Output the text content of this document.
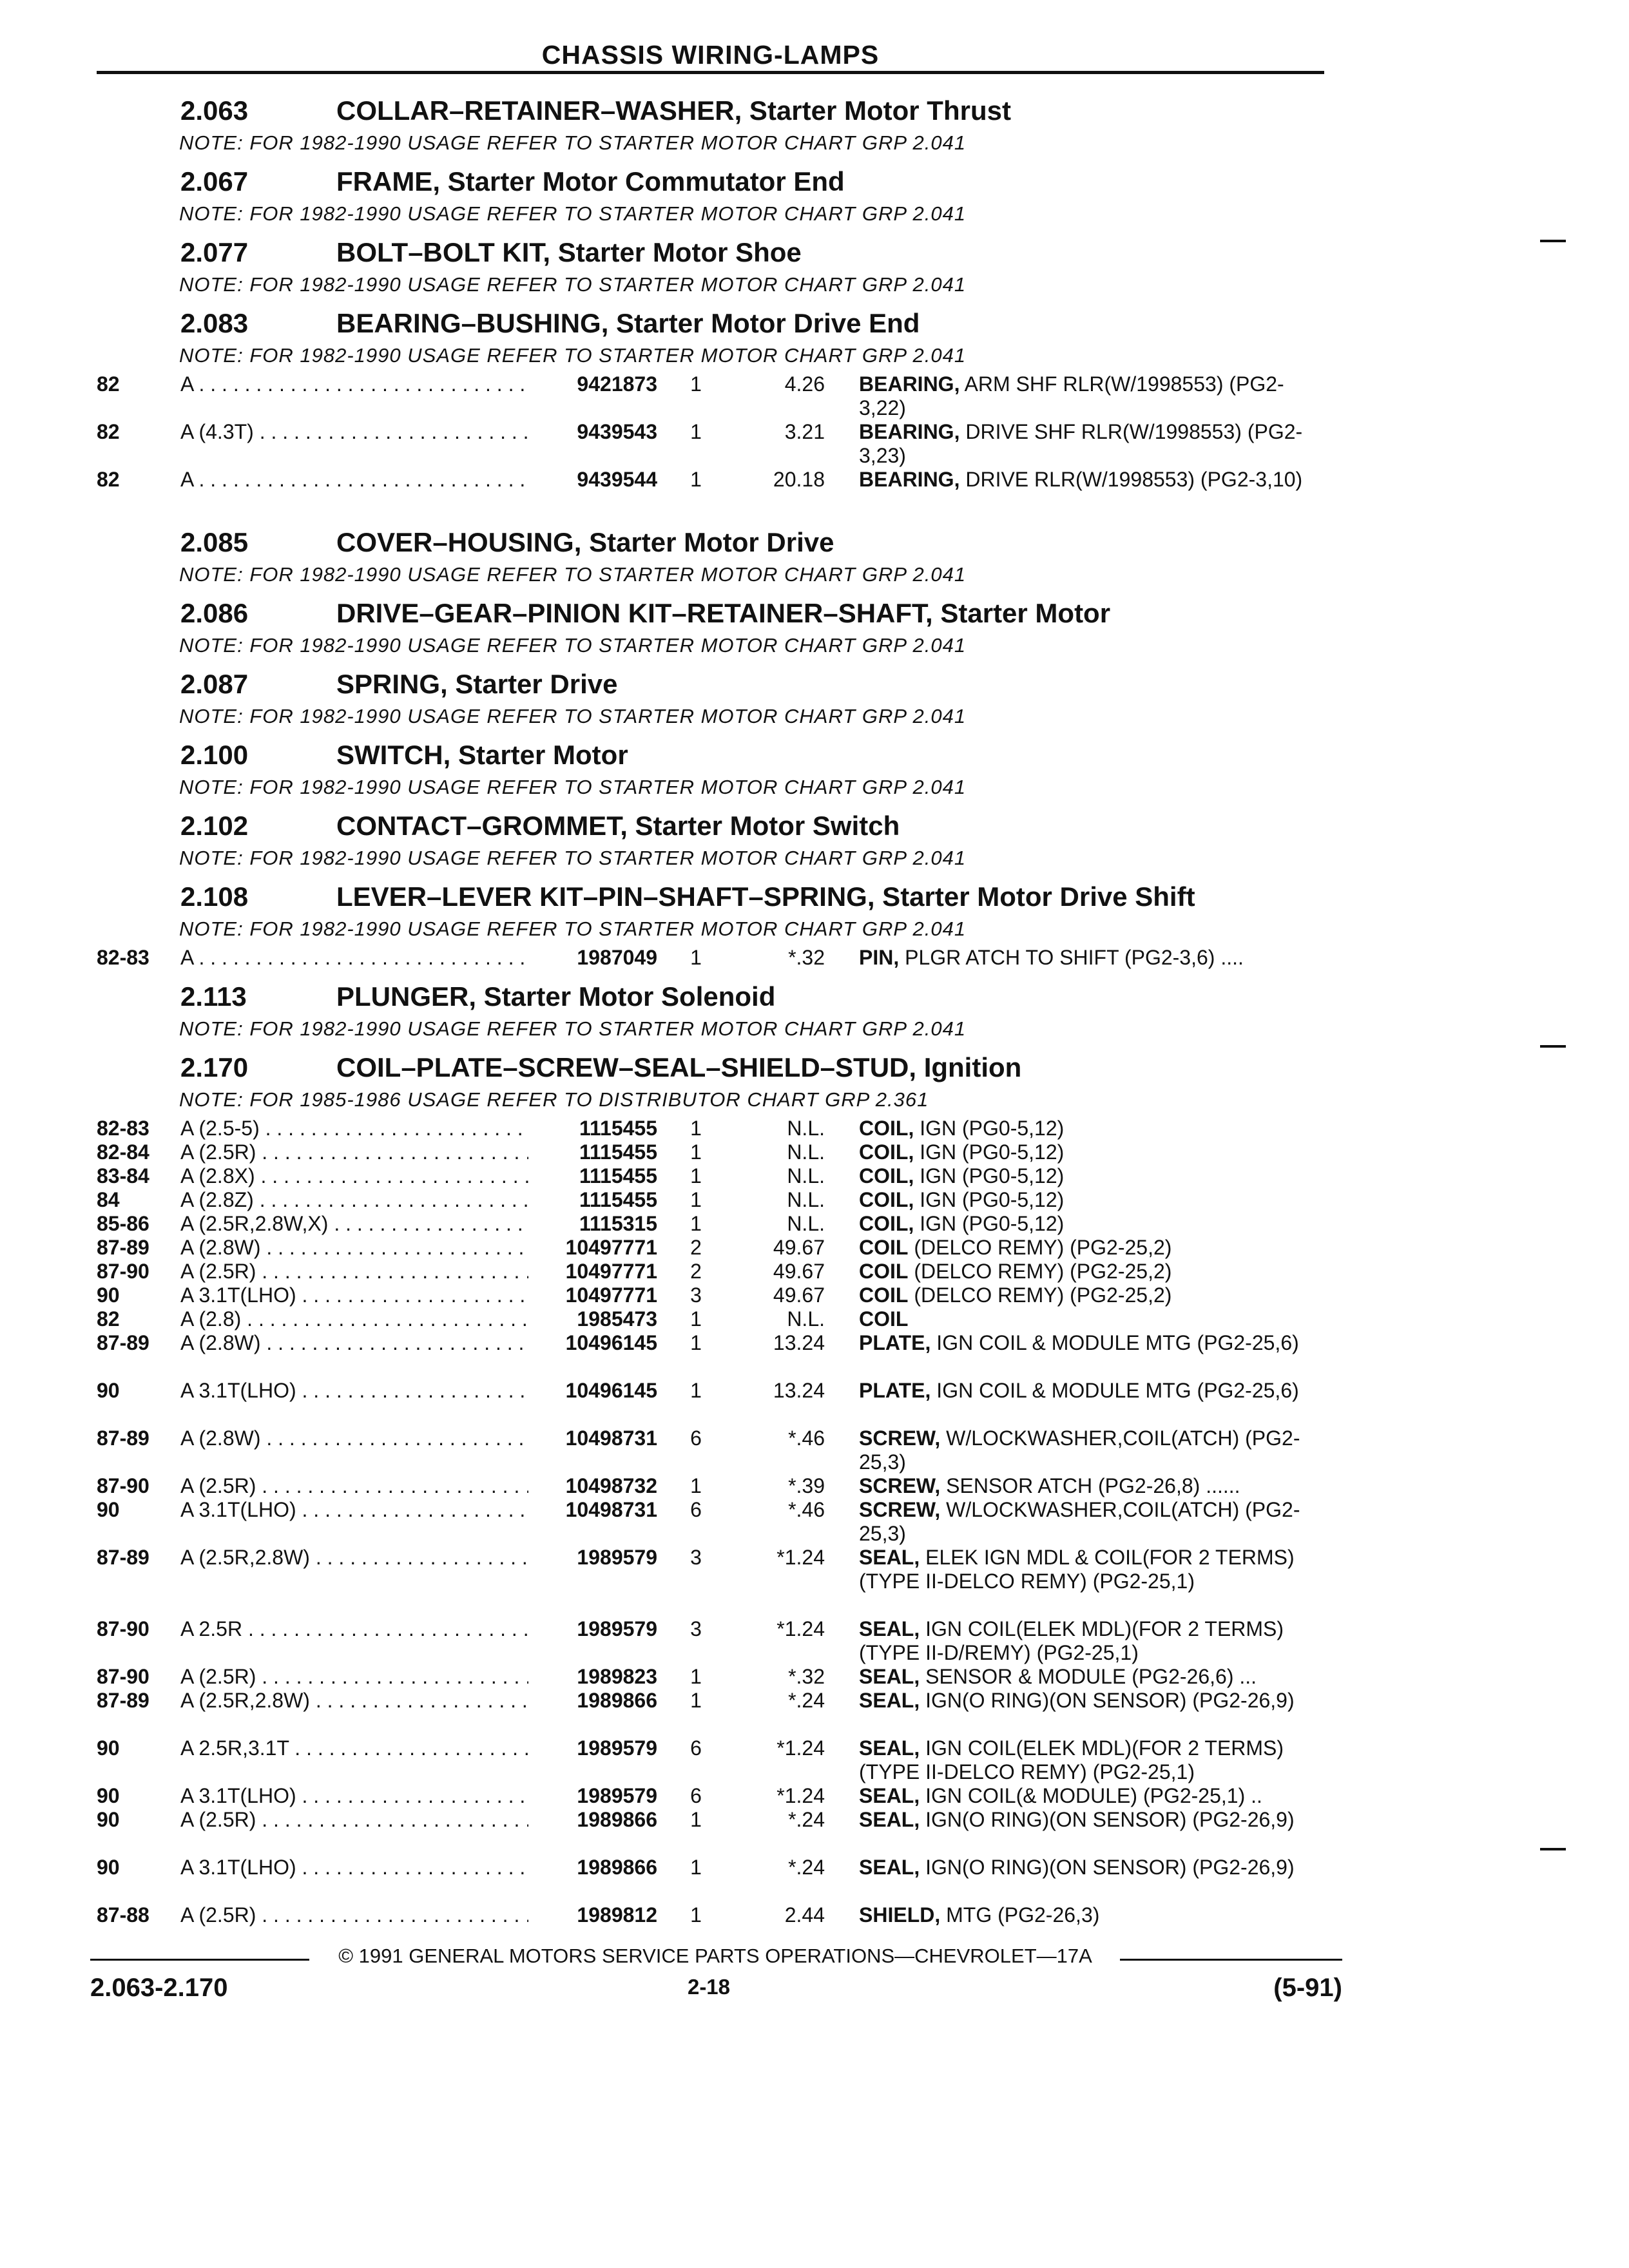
CHASSIS WIRING-LAMPS
2.063	COLLAR–RETAINER–WASHER, Starter Motor Thrust
NOTE: FOR 1982-1990 USAGE REFER TO STARTER MOTOR CHART GRP 2.041
2.067	FRAME, Starter Motor Commutator End
NOTE: FOR 1982-1990 USAGE REFER TO STARTER MOTOR CHART GRP 2.041
2.077	BOLT–BOLT KIT, Starter Motor Shoe
NOTE: FOR 1982-1990 USAGE REFER TO STARTER MOTOR CHART GRP 2.041
2.083	BEARING–BUSHING, Starter Motor Drive End
NOTE: FOR 1982-1990 USAGE REFER TO STARTER MOTOR CHART GRP 2.041
82	A . . .	9421873	1	4.26 BEARING, ARM SHF RLR(W/1998553) (PG2-3,22)
82	A (4.3T) . . .	9439543	1	3.21 BEARING, DRIVE SHF RLR(W/1998553) (PG2-3,23)
82	A . . .	9439544	1	20.18 BEARING, DRIVE RLR(W/1998553) (PG2-3,10)
2.085	COVER–HOUSING, Starter Motor Drive
NOTE: FOR 1982-1990 USAGE REFER TO STARTER MOTOR CHART GRP 2.041
2.086	DRIVE–GEAR–PINION KIT–RETAINER–SHAFT, Starter Motor
NOTE: FOR 1982-1990 USAGE REFER TO STARTER MOTOR CHART GRP 2.041
2.087	SPRING, Starter Drive
NOTE: FOR 1982-1990 USAGE REFER TO STARTER MOTOR CHART GRP 2.041
2.100	SWITCH, Starter Motor
NOTE: FOR 1982-1990 USAGE REFER TO STARTER MOTOR CHART GRP 2.041
2.102	CONTACT–GROMMET, Starter Motor Switch
NOTE: FOR 1982-1990 USAGE REFER TO STARTER MOTOR CHART GRP 2.041
2.108	LEVER–LEVER KIT–PIN–SHAFT–SPRING, Starter Motor Drive Shift
NOTE: FOR 1982-1990 USAGE REFER TO STARTER MOTOR CHART GRP 2.041
82-83 A . . .	1987049	1	*.32 PIN, PLGR ATCH TO SHIFT (PG2-3,6) ....
2.113	PLUNGER, Starter Motor Solenoid
NOTE: FOR 1982-1990 USAGE REFER TO STARTER MOTOR CHART GRP 2.041
2.170	COIL–PLATE–SCREW–SEAL–SHIELD–STUD, Ignition
NOTE: FOR 1985-1986 USAGE REFER TO DISTRIBUTOR CHART GRP 2.361
82-83 A (2.5-5) . . .	1115455	1	N.L. COIL, IGN (PG0-5,12)
82-84 A (2.5R) . . .	1115455	1	N.L. COIL, IGN (PG0-5,12)
83-84 A (2.8X) . . .	1115455	1	N.L. COIL, IGN (PG0-5,12)
84	A (2.8Z) . . .	1115455	1	N.L. COIL, IGN (PG0-5,12)
85-86 A (2.5R,2.8W,X) . . .	1115315	1	N.L. COIL, IGN (PG0-5,12)
87-89 A (2.8W) . . .	10497771	2	49.67 COIL (DELCO REMY) (PG2-25,2)
87-90 A (2.5R) . . .	10497771	2	49.67 COIL (DELCO REMY) (PG2-25,2)
90	A 3.1T(LHO) . . .	10497771	3	49.67 COIL (DELCO REMY) (PG2-25,2)
82	A (2.8) . . .	1985473	1	N.L. COIL
87-89 A (2.8W) . . .	10496145	1	13.24 PLATE, IGN COIL & MODULE MTG (PG2-25,6)
90	A 3.1T(LHO) . . .	10496145	1	13.24 PLATE, IGN COIL & MODULE MTG (PG2-25,6)
87-89 A (2.8W) . . .	10498731	6	*.46 SCREW, W/LOCKWASHER,COIL(ATCH) (PG2-25,3)
87-90 A (2.5R) . . .	10498732	1	*.39 SCREW, SENSOR ATCH (PG2-26,8) ......
90	A 3.1T(LHO) . . .	10498731	6	*.46 SCREW, W/LOCKWASHER,COIL(ATCH) (PG2-25,3)
87-89 A (2.5R,2.8W) . . .	1989579	3	*1.24 SEAL, ELEK IGN MDL & COIL(FOR 2 TERMS)(TYPE II-DELCO REMY) (PG2-25,1)
87-90 A 2.5R . . .	1989579	3	*1.24 SEAL, IGN COIL(ELEK MDL)(FOR 2 TERMS) (TYPE II-D/REMY) (PG2-25,1)
87-90 A (2.5R) . . .	1989823	1	*.32 SEAL, SENSOR & MODULE (PG2-26,6) ...
87-89 A (2.5R,2.8W) . . .	1989866	1	*.24 SEAL, IGN(O RING)(ON SENSOR) (PG2-26,9)
90	A 2.5R,3.1T . . .	1989579	6	*1.24 SEAL, IGN COIL(ELEK MDL)(FOR 2 TERMS) (TYPE II-DELCO REMY) (PG2-25,1)
90	A 3.1T(LHO) . . .	1989579	6	*1.24 SEAL, IGN COIL(& MODULE) (PG2-25,1) ..
90	A (2.5R) . . .	1989866	1	*.24 SEAL, IGN(O RING)(ON SENSOR) (PG2-26,9)
90	A 3.1T(LHO) . . .	1989866	1	*.24 SEAL, IGN(O RING)(ON SENSOR) (PG2-26,9)
87-88 A (2.5R) . . .	1989812	1	2.44 SHIELD, MTG (PG2-26,3)
© 1991 GENERAL MOTORS SERVICE PARTS OPERATIONS—CHEVROLET—17A
2.063-2.170	2-18	(5-91)
